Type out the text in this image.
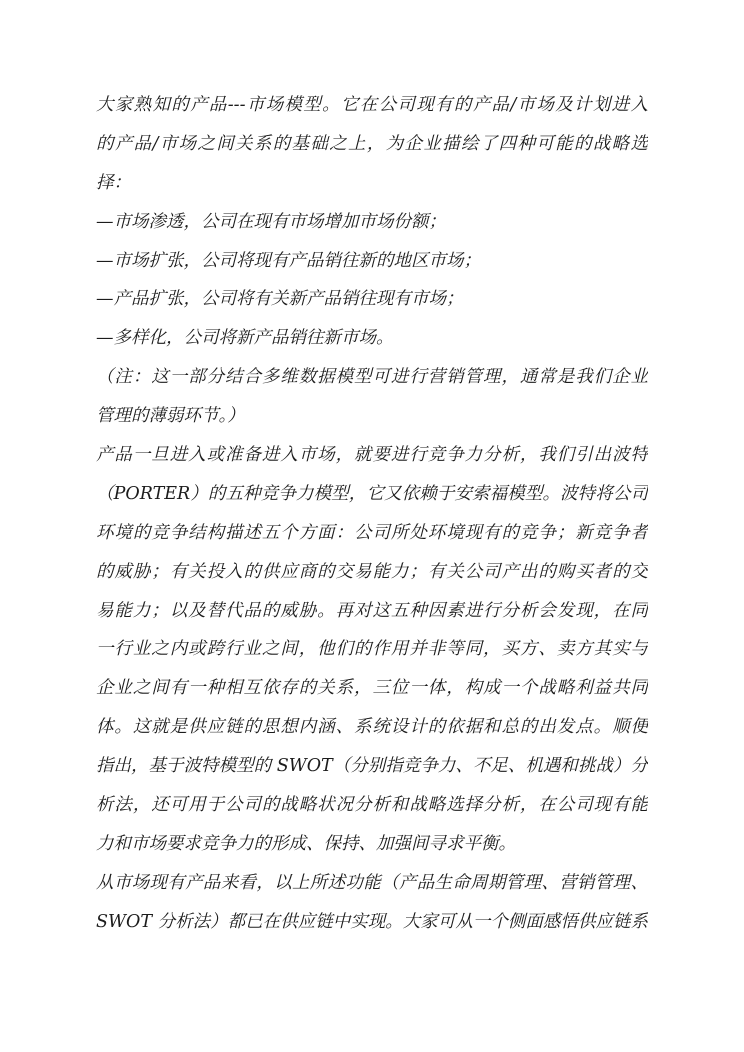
大家熟知的产品---市场模型。它在公司现有的产品/市场及计划进入
的产品/市场之间关系的基础之上，为企业描绘了四种可能的战略选
择：
—市场渗透，公司在现有市场增加市场份额；
—市场扩张，公司将现有产品销往新的地区市场；
—产品扩张，公司将有关新产品销往现有市场；
—多样化，公司将新产品销往新市场。
（注：这一部分结合多维数据模型可进行营销管理，通常是我们企业
管理的薄弱环节。）
产品一旦进入或准备进入市场，就要进行竞争力分析，我们引出波特
（PORTER）的五种竞争力模型，它又依赖于安索福模型。波特将公司
环境的竞争结构描述五个方面：公司所处环境现有的竞争；新竞争者
的威胁；有关投入的供应商的交易能力；有关公司产出的购买者的交
易能力；以及替代品的威胁。再对这五种因素进行分析会发现，在同
一行业之内或跨行业之间，他们的作用并非等同，买方、卖方其实与
企业之间有一种相互依存的关系，三位一体，构成一个战略利益共同
体。这就是供应链的思想内涵、系统设计的依据和总的出发点。顺便
指出，基于波特模型的 SWOT（分别指竞争力、不足、机遇和挑战）分
析法，还可用于公司的战略状况分析和战略选择分析，在公司现有能
力和市场要求竞争力的形成、保持、加强间寻求平衡。
从市场现有产品来看，以上所述功能（产品生命周期管理、营销管理、
SWOT 分析法）都已在供应链中实现。大家可从一个侧面感悟供应链系
